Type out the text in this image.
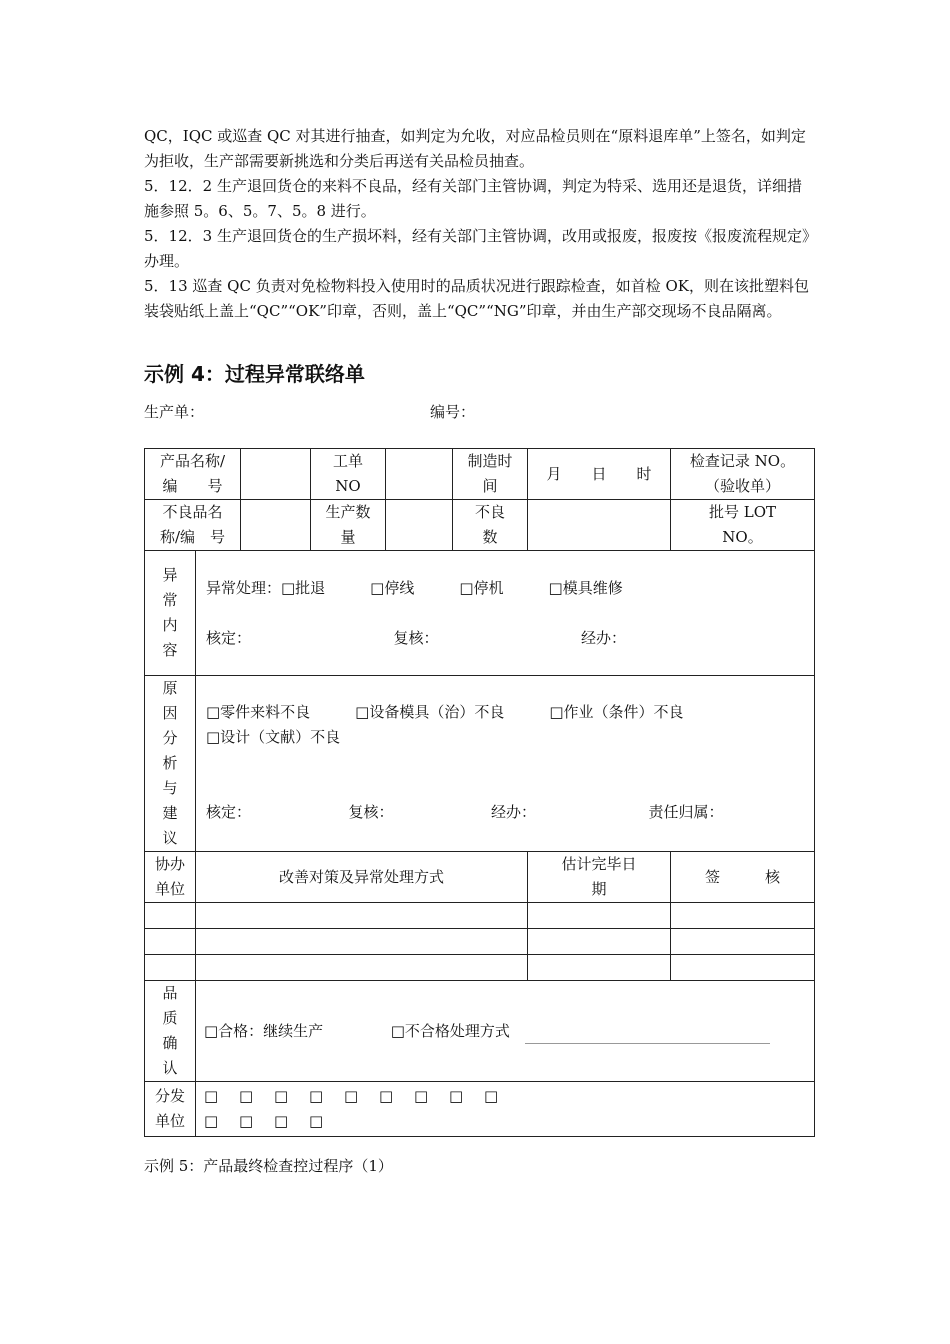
QC，IQC 或巡查 QC 对其进行抽查，如判定为允收，对应品检员则在“原料退库单”上签名，如判定为拒收，生产部需要新挑选和分类后再送有关品检员抽查。

5．12．2 生产退回货仓的来料不良品，经有关部门主管协调，判定为特采、选用还是退货，详细措施参照 5。6、5。7、5。8 进行。

5．12．3 生产退回货仓的生产损坏料，经有关部门主管协调，改用或报废，报废按《报废流程规定》办理。

5．13 巡查 QC 负责对免检物料投入使用时的品质状况进行跟踪检查，如首检 OK，则在该批塑料包装袋贴纸上盖上“QC”“OK”印章，否则，盖上“QC”“NG”印章，并由生产部交现场不良品隔离。

示例 4：过程异常联络单
生产单：	编号：
产品名称/编　　号			工单 NO		制造时间	月　　日　　时	检查记录 NO。（验收单）
不良品名称/编　号			生产数量		不良数		批号 LOT NO。
异常内容	异常处理：□批退　　　□停线　　　□停机　　　□模具维修
核定：　　　　　　　　　　复核：　　　　　　　　　　经办：						

原因分析与建议	□零件来料不良　　　□设备模具（治）不良　　　□作业（条件）不良
□设计（文献）不良
核定：　　　　　　　复核：　　　　　　　经办：　　　　　　　　责任归属：						

协办单位	改善对策及异常处理方式					估计完毕日　　期	签　　　核

品质确认	□合格：继续生产 □不合格处理方式						
分发单位	□ □ □ □ □ □ □ □ □
□ □ □ □						
示例 5：产品最终检查控过程序（1）
